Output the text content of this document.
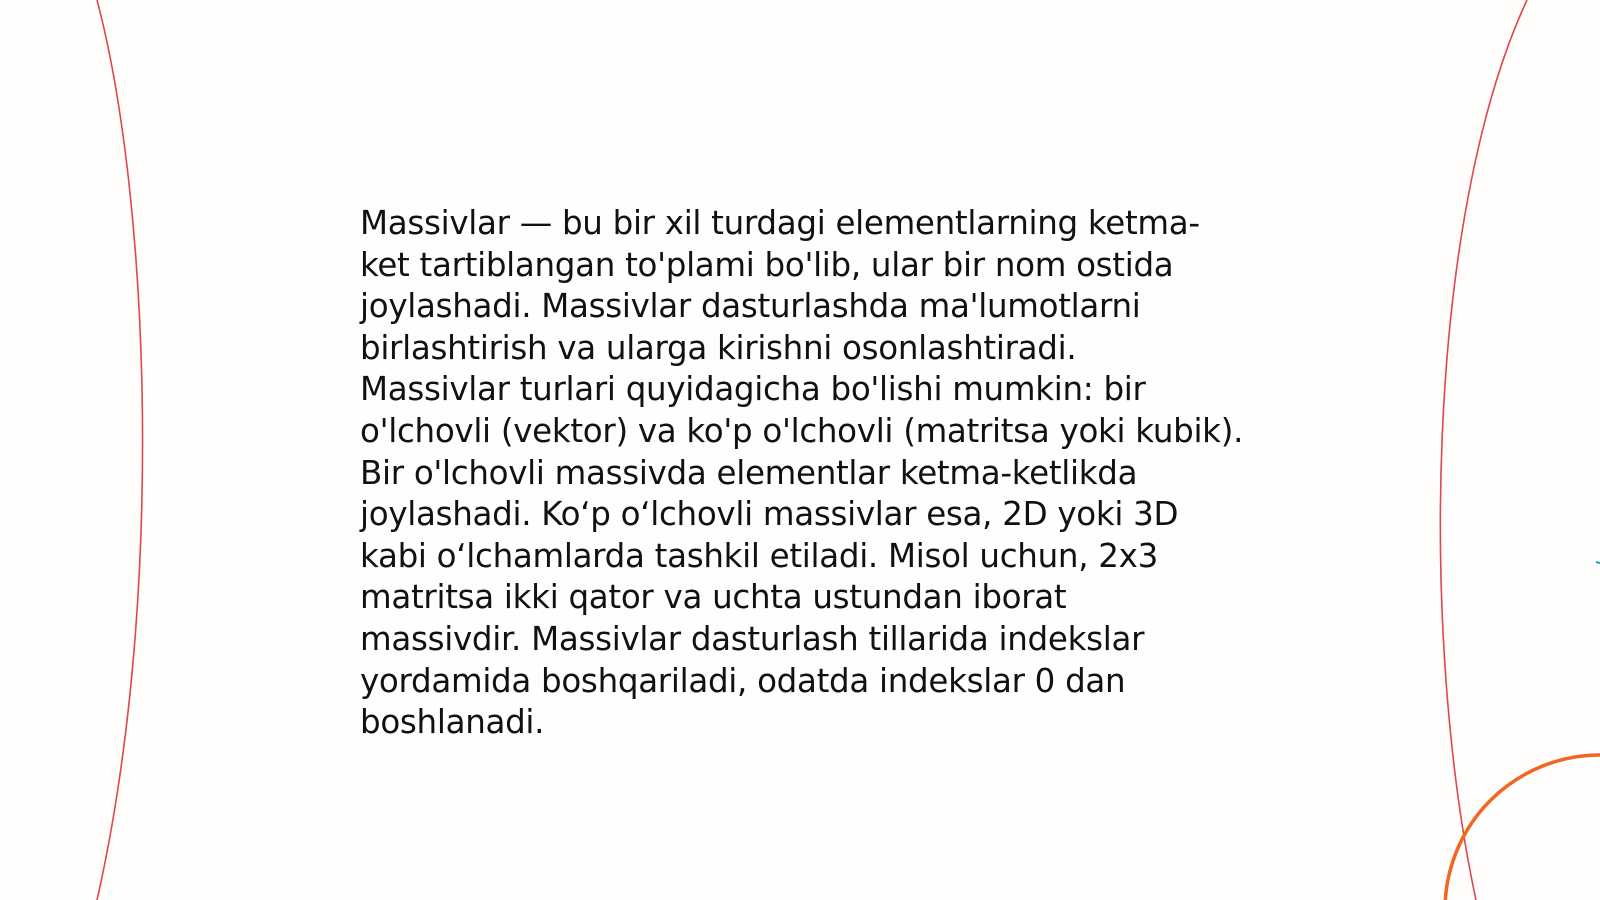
Massivlar — bu bir xil turdagi elementlarning ketma-
ket tartiblangan to'plami bo'lib, ular bir nom ostida
joylashadi. Massivlar dasturlashda ma'lumotlarni
birlashtirish va ularga kirishni osonlashtiradi.
Massivlar turlari quyidagicha bo'lishi mumkin: bir
o'lchovli (vektor) va ko'p o'lchovli (matritsa yoki kubik).
Bir o'lchovli massivda elementlar ketma-ketlikda
joylashadi. Koʻp oʻlchovli massivlar esa, 2D yoki 3D
kabi oʻlchamlarda tashkil etiladi. Misol uchun, 2x3
matritsa ikki qator va uchta ustundan iborat
massivdir. Massivlar dasturlash tillarida indekslar
yordamida boshqariladi, odatda indekslar 0 dan
boshlanadi.
